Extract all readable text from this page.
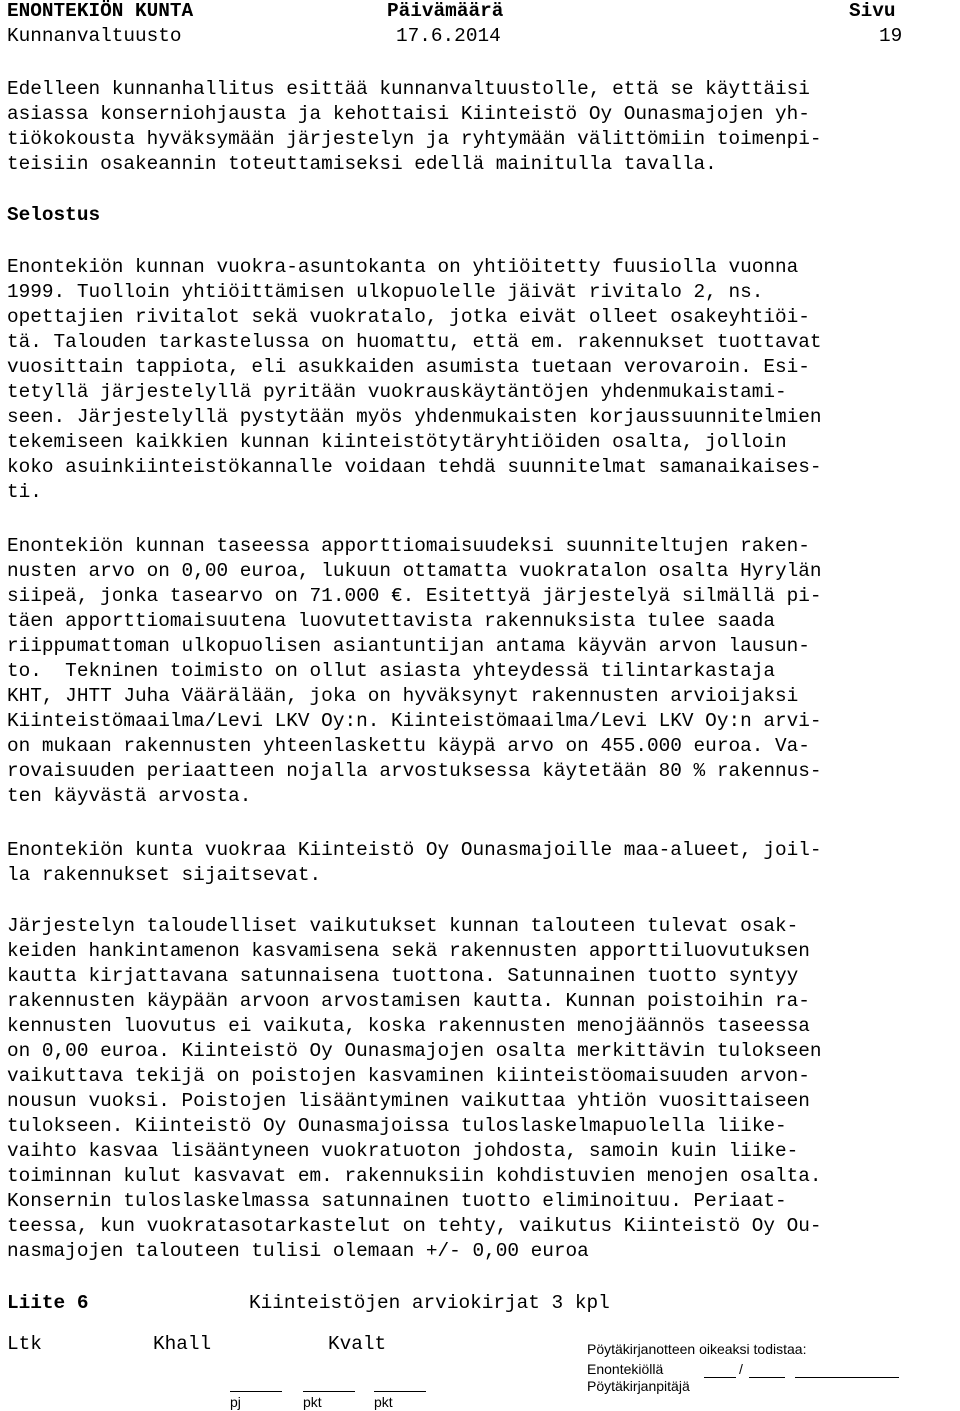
ENONTEKIÖN KUNTA	Päivämäärä	Sivu
Kunnanvaltuusto	17.6.2014	19
Edelleen kunnanhallitus esittää kunnanvaltuustolle, että se käyttäisi
asiassa konserniohjausta ja kehottaisi Kiinteistö Oy Ounasmajojen yh-
tiökokousta hyväksymään järjestelyn ja ryhtymään välittömiin toimenpi-
teisiin osakeannin toteuttamiseksi edellä mainitulla tavalla.
Selostus
Enontekiön kunnan vuokra-asuntokanta on yhtiöitetty fuusiolla vuonna
1999. Tuolloin yhtiöittämisen ulkopuolelle jäivät rivitalo 2, ns.
opettajien rivitalot sekä vuokratalo, jotka eivät olleet osakeyhtiöi-
tä. Talouden tarkastelussa on huomattu, että em. rakennukset tuottavat
vuosittain tappiota, eli asukkaiden asumista tuetaan verovaroin. Esi-
tetyllä järjestelyllä pyritään vuokrauskäytäntöjen yhdenmukaistami-
seen. Järjestelyllä pystytään myös yhdenmukaisten korjaussuunnitelmien
tekemiseen kaikkien kunnan kiinteistötytäryhtiöiden osalta, jolloin
koko asuinkiinteistökannalle voidaan tehdä suunnitelmat samanaikaises-
ti.
Enontekiön kunnan taseessa apporttiomaisuudeksi suunniteltujen raken-
nusten arvo on 0,00 euroa, lukuun ottamatta vuokratalon osalta Hyrylän
siipeä, jonka tasearvo on 71.000 €. Esitettyä järjestelyä silmällä pi-
täen apporttiomaisuutena luovutettavista rakennuksista tulee saada
riippumattoman ulkopuolisen asiantuntijan antama käyvän arvon lausun-
to.  Tekninen toimisto on ollut asiasta yhteydessä tilintarkastaja
KHT, JHTT Juha Väärälään, joka on hyväksynyt rakennusten arvioijaksi
Kiinteistömaailma/Levi LKV Oy:n. Kiinteistömaailma/Levi LKV Oy:n arvi-
on mukaan rakennusten yhteenlaskettu käypä arvo on 455.000 euroa. Va-
rovaisuuden periaatteen nojalla arvostuksessa käytetään 80 % rakennus-
ten käyvästä arvosta.
Enontekiön kunta vuokraa Kiinteistö Oy Ounasmajoille maa-alueet, joil-
la rakennukset sijaitsevat.
Järjestelyn taloudelliset vaikutukset kunnan talouteen tulevat osak-
keiden hankintamenon kasvamisena sekä rakennusten apporttiluovutuksen
kautta kirjattavana satunnaisena tuottona. Satunnainen tuotto syntyy
rakennusten käypään arvoon arvostamisen kautta. Kunnan poistoihin ra-
kennusten luovutus ei vaikuta, koska rakennusten menojäännös taseessa
on 0,00 euroa. Kiinteistö Oy Ounasmajojen osalta merkittävin tulokseen
vaikuttava tekijä on poistojen kasvaminen kiinteistöomaisuuden arvon-
nousun vuoksi. Poistojen lisääntyminen vaikuttaa yhtiön vuosittaiseen
tulokseen. Kiinteistö Oy Ounasmajoissa tuloslaskelmapuolella liike-
vaihto kasvaa lisääntyneen vuokratuoton johdosta, samoin kuin liike-
toiminnan kulut kasvavat em. rakennuksiin kohdistuvien menojen osalta.
Konsernin tuloslaskelmassa satunnainen tuotto eliminoituu. Periaat-
teessa, kun vuokratasotarkastelut on tehty, vaikutus Kiinteistö Oy Ou-
nasmajojen talouteen tulisi olemaan +/- 0,00 euroa
Liite 6	Kiinteistöjen arviokirjat 3 kpl
Ltk	Khall	Kvalt	Pöytäkirjanotteen oikeaksi todistaa:
Enontekiöllä	/
Pöytäkirjanpitäjä
pj	pkt	pkt
